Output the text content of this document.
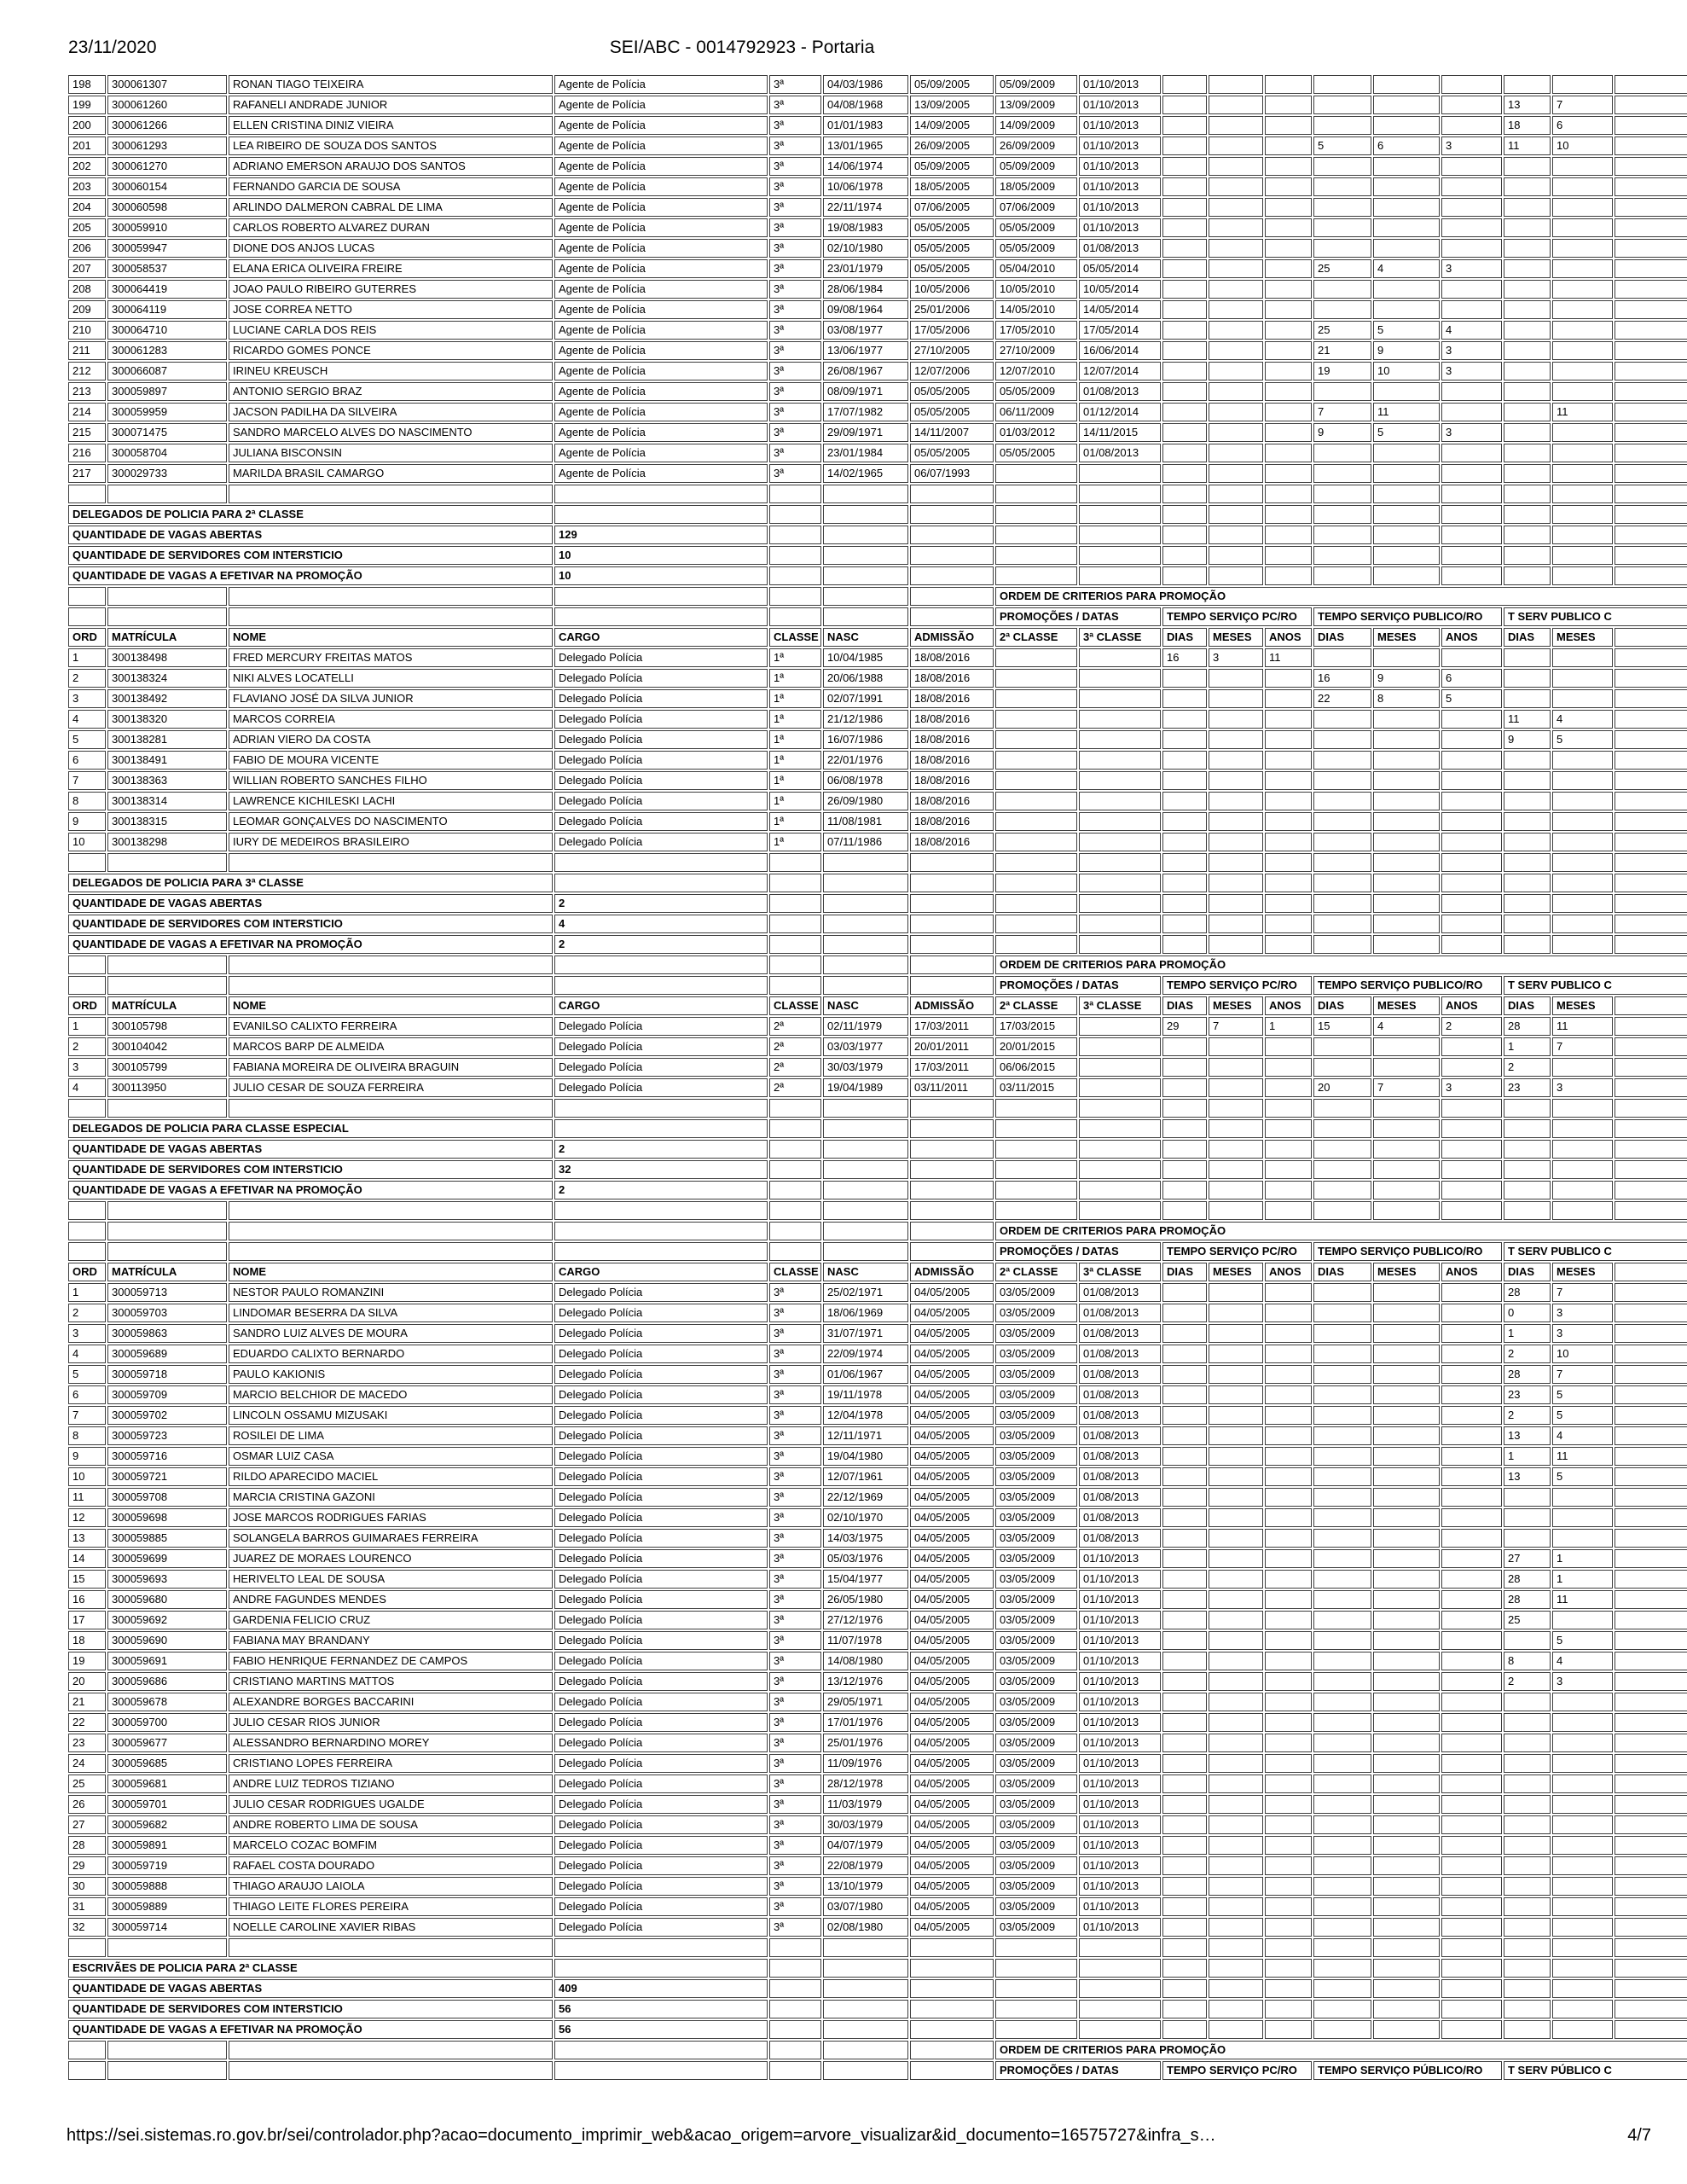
23/11/2020	SEI/ABC - 0014792923 - Portaria
198	300061307	RONAN TIAGO TEIXEIRA	Agente de Polícia	3ª	04/03/1986	05/09/2005	05/09/2009	01/10/2013									
199	300061260	RAFANELI ANDRADE JUNIOR	Agente de Polícia	3ª	04/08/1968	13/09/2005	13/09/2009	01/10/2013							13	7	
200	300061266	ELLEN CRISTINA DINIZ VIEIRA	Agente de Polícia	3ª	01/01/1983	14/09/2005	14/09/2009	01/10/2013							18	6	
201	300061293	LEA RIBEIRO DE SOUZA DOS SANTOS	Agente de Polícia	3ª	13/01/1965	26/09/2005	26/09/2009	01/10/2013				5	6	3	11	10	
202	300061270	ADRIANO EMERSON ARAUJO DOS SANTOS	Agente de Polícia	3ª	14/06/1974	05/09/2005	05/09/2009	01/10/2013									
203	300060154	FERNANDO GARCIA DE SOUSA	Agente de Polícia	3ª	10/06/1978	18/05/2005	18/05/2009	01/10/2013									
204	300060598	ARLINDO DALMERON CABRAL DE LIMA	Agente de Polícia	3ª	22/11/1974	07/06/2005	07/06/2009	01/10/2013									
205	300059910	CARLOS ROBERTO ALVAREZ DURAN	Agente de Polícia	3ª	19/08/1983	05/05/2005	05/05/2009	01/10/2013									
206	300059947	DIONE DOS ANJOS LUCAS	Agente de Polícia	3ª	02/10/1980	05/05/2005	05/05/2009	01/08/2013									
207	300058537	ELANA ERICA OLIVEIRA FREIRE	Agente de Polícia	3ª	23/01/1979	05/05/2005	05/04/2010	05/05/2014				25	4	3			
208	300064419	JOAO PAULO RIBEIRO GUTERRES	Agente de Polícia	3ª	28/06/1984	10/05/2006	10/05/2010	10/05/2014									
209	300064119	JOSE CORREA NETTO	Agente de Polícia	3ª	09/08/1964	25/01/2006	14/05/2010	14/05/2014									
210	300064710	LUCIANE CARLA DOS REIS	Agente de Polícia	3ª	03/08/1977	17/05/2006	17/05/2010	17/05/2014				25	5	4			
211	300061283	RICARDO GOMES PONCE	Agente de Polícia	3ª	13/06/1977	27/10/2005	27/10/2009	16/06/2014				21	9	3			
212	300066087	IRINEU KREUSCH	Agente de Polícia	3ª	26/08/1967	12/07/2006	12/07/2010	12/07/2014				19	10	3			
213	300059897	ANTONIO SERGIO BRAZ	Agente de Polícia	3ª	08/09/1971	05/05/2005	05/05/2009	01/08/2013									
214	300059959	JACSON PADILHA DA SILVEIRA	Agente de Polícia	3ª	17/07/1982	05/05/2005	06/11/2009	01/12/2014				7	11			11	
215	300071475	SANDRO MARCELO ALVES DO NASCIMENTO	Agente de Polícia	3ª	29/09/1971	14/11/2007	01/03/2012	14/11/2015				9	5	3			
216	300058704	JULIANA BISCONSIN	Agente de Polícia	3ª	23/01/1984	05/05/2005	05/05/2005	01/08/2013									
217	300029733	MARILDA BRASIL CAMARGO	Agente de Polícia	3ª	14/02/1965	06/07/1993											

DELEGADOS DE POLICIA PARA 2ª CLASSE																	
QUANTIDADE DE VAGAS ABERTAS			129														
QUANTIDADE DE SERVIDORES COM INTERSTICIO			10														
QUANTIDADE DE VAGAS A EFETIVAR NA PROMOÇÃO			10														
							ORDEM DE CRITERIOS PARA PROMOÇÃO										
							PROMOÇÕES / DATAS		TEMPO SERVIÇO PC/RO			TEMPO SERVIÇO PUBLICO/RO			T SERV PUBLICO C		
ORD	MATRÍCULA	NOME	CARGO	CLASSE	NASC	ADMISSÃO	2ª CLASSE	3ª CLASSE	DIAS	MESES	ANOS	DIAS	MESES	ANOS	DIAS	MESES	
1	300138498	FRED MERCURY FREITAS MATOS	Delegado Polícia	1ª	10/04/1985	18/08/2016			16	3	11						
2	300138324	NIKI ALVES LOCATELLI	Delegado Polícia	1ª	20/06/1988	18/08/2016						16	9	6			
3	300138492	FLAVIANO JOSÉ DA SILVA JUNIOR	Delegado Polícia	1ª	02/07/1991	18/08/2016						22	8	5			
4	300138320	MARCOS CORREIA	Delegado Polícia	1ª	21/12/1986	18/08/2016									11	4	
5	300138281	ADRIAN VIERO DA COSTA	Delegado Polícia	1ª	16/07/1986	18/08/2016									9	5	
6	300138491	FABIO DE MOURA VICENTE	Delegado Polícia	1ª	22/01/1976	18/08/2016											
7	300138363	WILLIAN ROBERTO SANCHES FILHO	Delegado Polícia	1ª	06/08/1978	18/08/2016											
8	300138314	LAWRENCE KICHILESKI LACHI	Delegado Polícia	1ª	26/09/1980	18/08/2016											
9	300138315	LEOMAR GONÇALVES DO NASCIMENTO	Delegado Polícia	1ª	11/08/1981	18/08/2016											
10	300138298	IURY DE MEDEIROS BRASILEIRO	Delegado Polícia	1ª	07/11/1986	18/08/2016											

DELEGADOS DE POLICIA PARA 3ª CLASSE																	
QUANTIDADE DE VAGAS ABERTAS			2														
QUANTIDADE DE SERVIDORES COM INTERSTICIO			4														
QUANTIDADE DE VAGAS A EFETIVAR NA PROMOÇÃO			2														
							ORDEM DE CRITERIOS PARA PROMOÇÃO										
							PROMOÇÕES / DATAS		TEMPO SERVIÇO PC/RO			TEMPO SERVIÇO PUBLICO/RO			T SERV PUBLICO C		
ORD	MATRÍCULA	NOME	CARGO	CLASSE	NASC	ADMISSÃO	2ª CLASSE	3ª CLASSE	DIAS	MESES	ANOS	DIAS	MESES	ANOS	DIAS	MESES	
1	300105798	EVANILSO CALIXTO FERREIRA	Delegado Polícia	2ª	02/11/1979	17/03/2011	17/03/2015		29	7	1	15	4	2	28	11	
2	300104042	MARCOS BARP DE ALMEIDA	Delegado Polícia	2ª	03/03/1977	20/01/2011	20/01/2015								1	7	
3	300105799	FABIANA MOREIRA DE OLIVEIRA BRAGUIN	Delegado Polícia	2ª	30/03/1979	17/03/2011	06/06/2015								2		
4	300113950	JULIO CESAR DE SOUZA FERREIRA	Delegado Polícia	2ª	19/04/1989	03/11/2011	03/11/2015					20	7	3	23	3	

DELEGADOS DE POLICIA PARA CLASSE ESPECIAL																	
QUANTIDADE DE VAGAS ABERTAS			2														
QUANTIDADE DE SERVIDORES COM INTERSTICIO			32														
QUANTIDADE DE VAGAS A EFETIVAR NA PROMOÇÃO			2														

							ORDEM DE CRITERIOS PARA PROMOÇÃO										
							PROMOÇÕES / DATAS		TEMPO SERVIÇO PC/RO			TEMPO SERVIÇO PUBLICO/RO			T SERV PUBLICO C		
ORD	MATRÍCULA	NOME	CARGO	CLASSE	NASC	ADMISSÃO	2ª CLASSE	3ª CLASSE	DIAS	MESES	ANOS	DIAS	MESES	ANOS	DIAS	MESES	
1	300059713	NESTOR PAULO ROMANZINI	Delegado Polícia	3ª	25/02/1971	04/05/2005	03/05/2009	01/08/2013							28	7	
2	300059703	LINDOMAR BESERRA DA SILVA	Delegado Polícia	3ª	18/06/1969	04/05/2005	03/05/2009	01/08/2013							0	3	
3	300059863	SANDRO LUIZ ALVES DE MOURA	Delegado Polícia	3ª	31/07/1971	04/05/2005	03/05/2009	01/08/2013							1	3	
4	300059689	EDUARDO CALIXTO BERNARDO	Delegado Polícia	3ª	22/09/1974	04/05/2005	03/05/2009	01/08/2013							2	10	
5	300059718	PAULO KAKIONIS	Delegado Polícia	3ª	01/06/1967	04/05/2005	03/05/2009	01/08/2013							28	7	
6	300059709	MARCIO BELCHIOR DE MACEDO	Delegado Polícia	3ª	19/11/1978	04/05/2005	03/05/2009	01/08/2013							23	5	
7	300059702	LINCOLN OSSAMU MIZUSAKI	Delegado Polícia	3ª	12/04/1978	04/05/2005	03/05/2009	01/08/2013							2	5	
8	300059723	ROSILEI DE LIMA	Delegado Polícia	3ª	12/11/1971	04/05/2005	03/05/2009	01/08/2013							13	4	
9	300059716	OSMAR LUIZ CASA	Delegado Polícia	3ª	19/04/1980	04/05/2005	03/05/2009	01/08/2013							1	11	
10	300059721	RILDO APARECIDO MACIEL	Delegado Polícia	3ª	12/07/1961	04/05/2005	03/05/2009	01/08/2013							13	5	
11	300059708	MARCIA CRISTINA GAZONI	Delegado Polícia	3ª	22/12/1969	04/05/2005	03/05/2009	01/08/2013									
12	300059698	JOSE MARCOS RODRIGUES FARIAS	Delegado Polícia	3ª	02/10/1970	04/05/2005	03/05/2009	01/08/2013									
13	300059885	SOLANGELA BARROS GUIMARAES FERREIRA	Delegado Polícia	3ª	14/03/1975	04/05/2005	03/05/2009	01/08/2013									
14	300059699	JUAREZ DE MORAES LOURENCO	Delegado Polícia	3ª	05/03/1976	04/05/2005	03/05/2009	01/10/2013							27	1	
15	300059693	HERIVELTO LEAL DE SOUSA	Delegado Polícia	3ª	15/04/1977	04/05/2005	03/05/2009	01/10/2013							28	1	
16	300059680	ANDRE FAGUNDES MENDES	Delegado Polícia	3ª	26/05/1980	04/05/2005	03/05/2009	01/10/2013							28	11	
17	300059692	GARDENIA FELICIO CRUZ	Delegado Polícia	3ª	27/12/1976	04/05/2005	03/05/2009	01/10/2013							25		
18	300059690	FABIANA MAY BRANDANY	Delegado Polícia	3ª	11/07/1978	04/05/2005	03/05/2009	01/10/2013								5	
19	300059691	FABIO HENRIQUE FERNANDEZ DE CAMPOS	Delegado Polícia	3ª	14/08/1980	04/05/2005	03/05/2009	01/10/2013							8	4	
20	300059686	CRISTIANO MARTINS MATTOS	Delegado Polícia	3ª	13/12/1976	04/05/2005	03/05/2009	01/10/2013							2	3	
21	300059678	ALEXANDRE BORGES BACCARINI	Delegado Polícia	3ª	29/05/1971	04/05/2005	03/05/2009	01/10/2013									
22	300059700	JULIO CESAR RIOS JUNIOR	Delegado Polícia	3ª	17/01/1976	04/05/2005	03/05/2009	01/10/2013									
23	300059677	ALESSANDRO BERNARDINO MOREY	Delegado Polícia	3ª	25/01/1976	04/05/2005	03/05/2009	01/10/2013									
24	300059685	CRISTIANO LOPES FERREIRA	Delegado Polícia	3ª	11/09/1976	04/05/2005	03/05/2009	01/10/2013									
25	300059681	ANDRE LUIZ TEDROS TIZIANO	Delegado Polícia	3ª	28/12/1978	04/05/2005	03/05/2009	01/10/2013									
26	300059701	JULIO CESAR RODRIGUES UGALDE	Delegado Polícia	3ª	11/03/1979	04/05/2005	03/05/2009	01/10/2013									
27	300059682	ANDRE ROBERTO LIMA DE SOUSA	Delegado Polícia	3ª	30/03/1979	04/05/2005	03/05/2009	01/10/2013									
28	300059891	MARCELO COZAC BOMFIM	Delegado Polícia	3ª	04/07/1979	04/05/2005	03/05/2009	01/10/2013									
29	300059719	RAFAEL COSTA DOURADO	Delegado Polícia	3ª	22/08/1979	04/05/2005	03/05/2009	01/10/2013									
30	300059888	THIAGO ARAUJO LAIOLA	Delegado Polícia	3ª	13/10/1979	04/05/2005	03/05/2009	01/10/2013									
31	300059889	THIAGO LEITE FLORES PEREIRA	Delegado Polícia	3ª	03/07/1980	04/05/2005	03/05/2009	01/10/2013									
32	300059714	NOELLE CAROLINE XAVIER RIBAS	Delegado Polícia	3ª	02/08/1980	04/05/2005	03/05/2009	01/10/2013									

ESCRIVÃES DE POLICIA PARA 2ª CLASSE																	
QUANTIDADE DE VAGAS ABERTAS			409														
QUANTIDADE DE SERVIDORES COM INTERSTICIO			56														
QUANTIDADE DE VAGAS A EFETIVAR NA PROMOÇÃO			56														
							ORDEM DE CRITERIOS PARA PROMOÇÃO										
							PROMOÇÕES / DATAS		TEMPO SERVIÇO PC/RO			TEMPO SERVIÇO PÚBLICO/RO			T SERV PÚBLICO C		
https://sei.sistemas.ro.gov.br/sei/controlador.php?acao=documento_imprimir_web&acao_origem=arvore_visualizar&id_documento=16575727&infra_s…	4/7
